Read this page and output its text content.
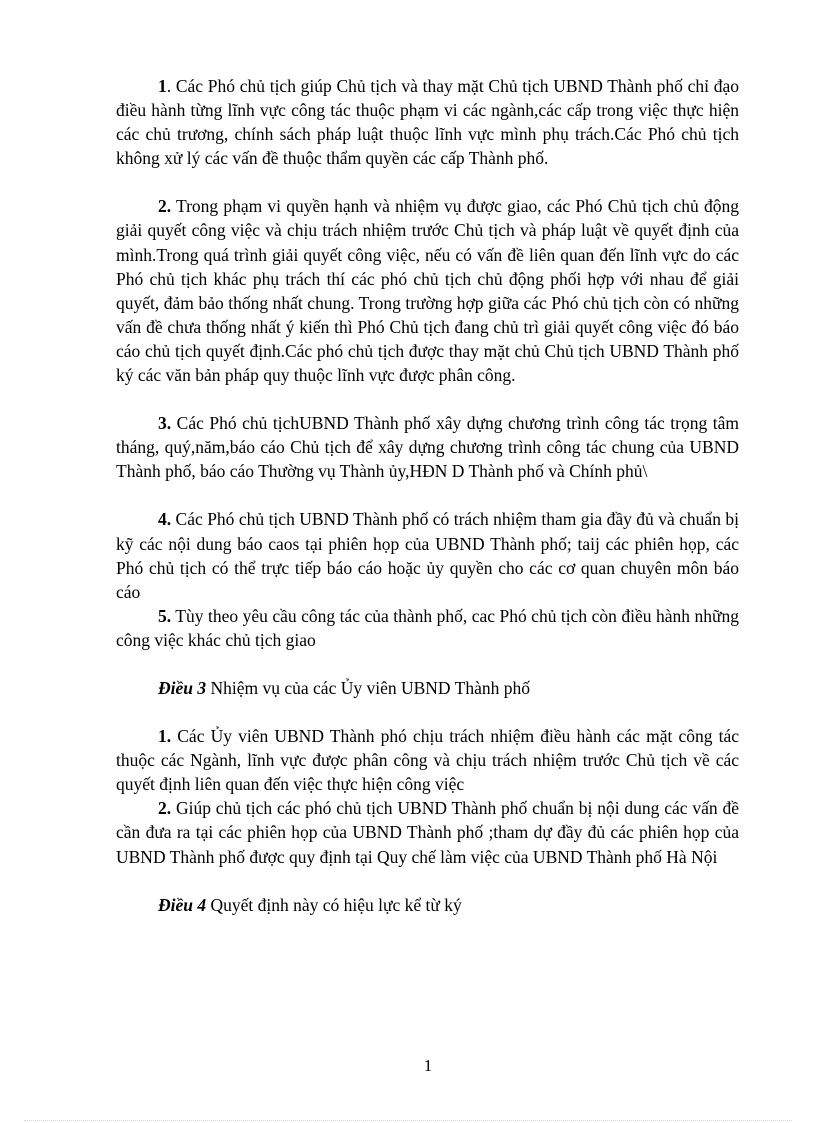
1. Các Phó chủ tịch giúp Chủ tịch và thay mặt Chủ tịch UBND Thành phố chỉ đạo điều hành từng lĩnh vực công tác thuộc phạm vi các ngành,các cấp trong việc thực hiện các chủ trương, chính sách pháp luật thuộc lĩnh vực mình phụ trách.Các Phó chủ tịch không xử lý các vấn đề thuộc thẩm quyền các cấp Thành phố.

2. Trong phạm vi quyền hạnh và nhiệm vụ được giao, các Phó Chủ tịch chủ động giải quyết công việc và chịu trách nhiệm trước Chủ tịch và pháp luật về quyết định của mình.Trong quá trình giải quyết công việc, nếu có vấn đề liên quan đến lĩnh vực do các Phó chủ tịch khác phụ trách thí các phó chủ tịch chủ động phối hợp với nhau để giải quyết, đảm bảo thống nhất chung. Trong trường hợp giữa các Phó chủ tịch còn có những vấn đề chưa thống nhất ý kiến thì Phó Chủ tịch đang chủ trì giải quyết công việc đó báo cáo chủ tịch quyết định.Các phó chủ tịch được thay mặt chủ Chủ tịch UBND Thành phố ký các văn bản pháp quy thuộc lĩnh vực được phân công.

3. Các Phó chủ tịchUBND Thành phố xây dựng chương trình công tác trọng tâm tháng, quý,năm,báo cáo Chủ tịch để xây dựng chương trình công tác chung của UBND Thành phố, báo cáo Thường vụ Thành ủy,HĐN D Thành phố và Chính phủ\

4. Các Phó chủ tịch UBND Thành phố có trách nhiệm tham gia đầy đủ và chuẩn bị kỹ các nội dung báo caos tại phiên họp của UBND Thành phố; taij các phiên họp, các Phó chủ tịch có thể trực tiếp báo cáo hoặc ủy quyền cho các cơ quan chuyên môn báo cáo

5. Tùy theo yêu cầu công tác của thành phố, cac Phó chủ tịch còn điều hành những công việc khác chủ tịch giao

Điều 3 Nhiệm vụ của các Ủy viên UBND Thành phố

1. Các Ủy viên UBND Thành phó chịu trách nhiệm điều hành các mặt công tác thuộc các Ngành, lĩnh vực được phân công và chịu trách nhiệm trước Chủ tịch về các quyết định liên quan đến việc thực hiện công việc

2. Giúp chủ tịch các phó chủ tịch UBND Thành phố chuẩn bị nội dung các vấn đề cần đưa ra tại các phiên họp của UBND Thành phố ;tham dự đầy đủ các phiên họp của UBND Thành phố được quy định tại Quy chế làm việc của UBND Thành phố Hà Nội

Điều 4 Quyết định này có hiệu lực kể từ ký

1
